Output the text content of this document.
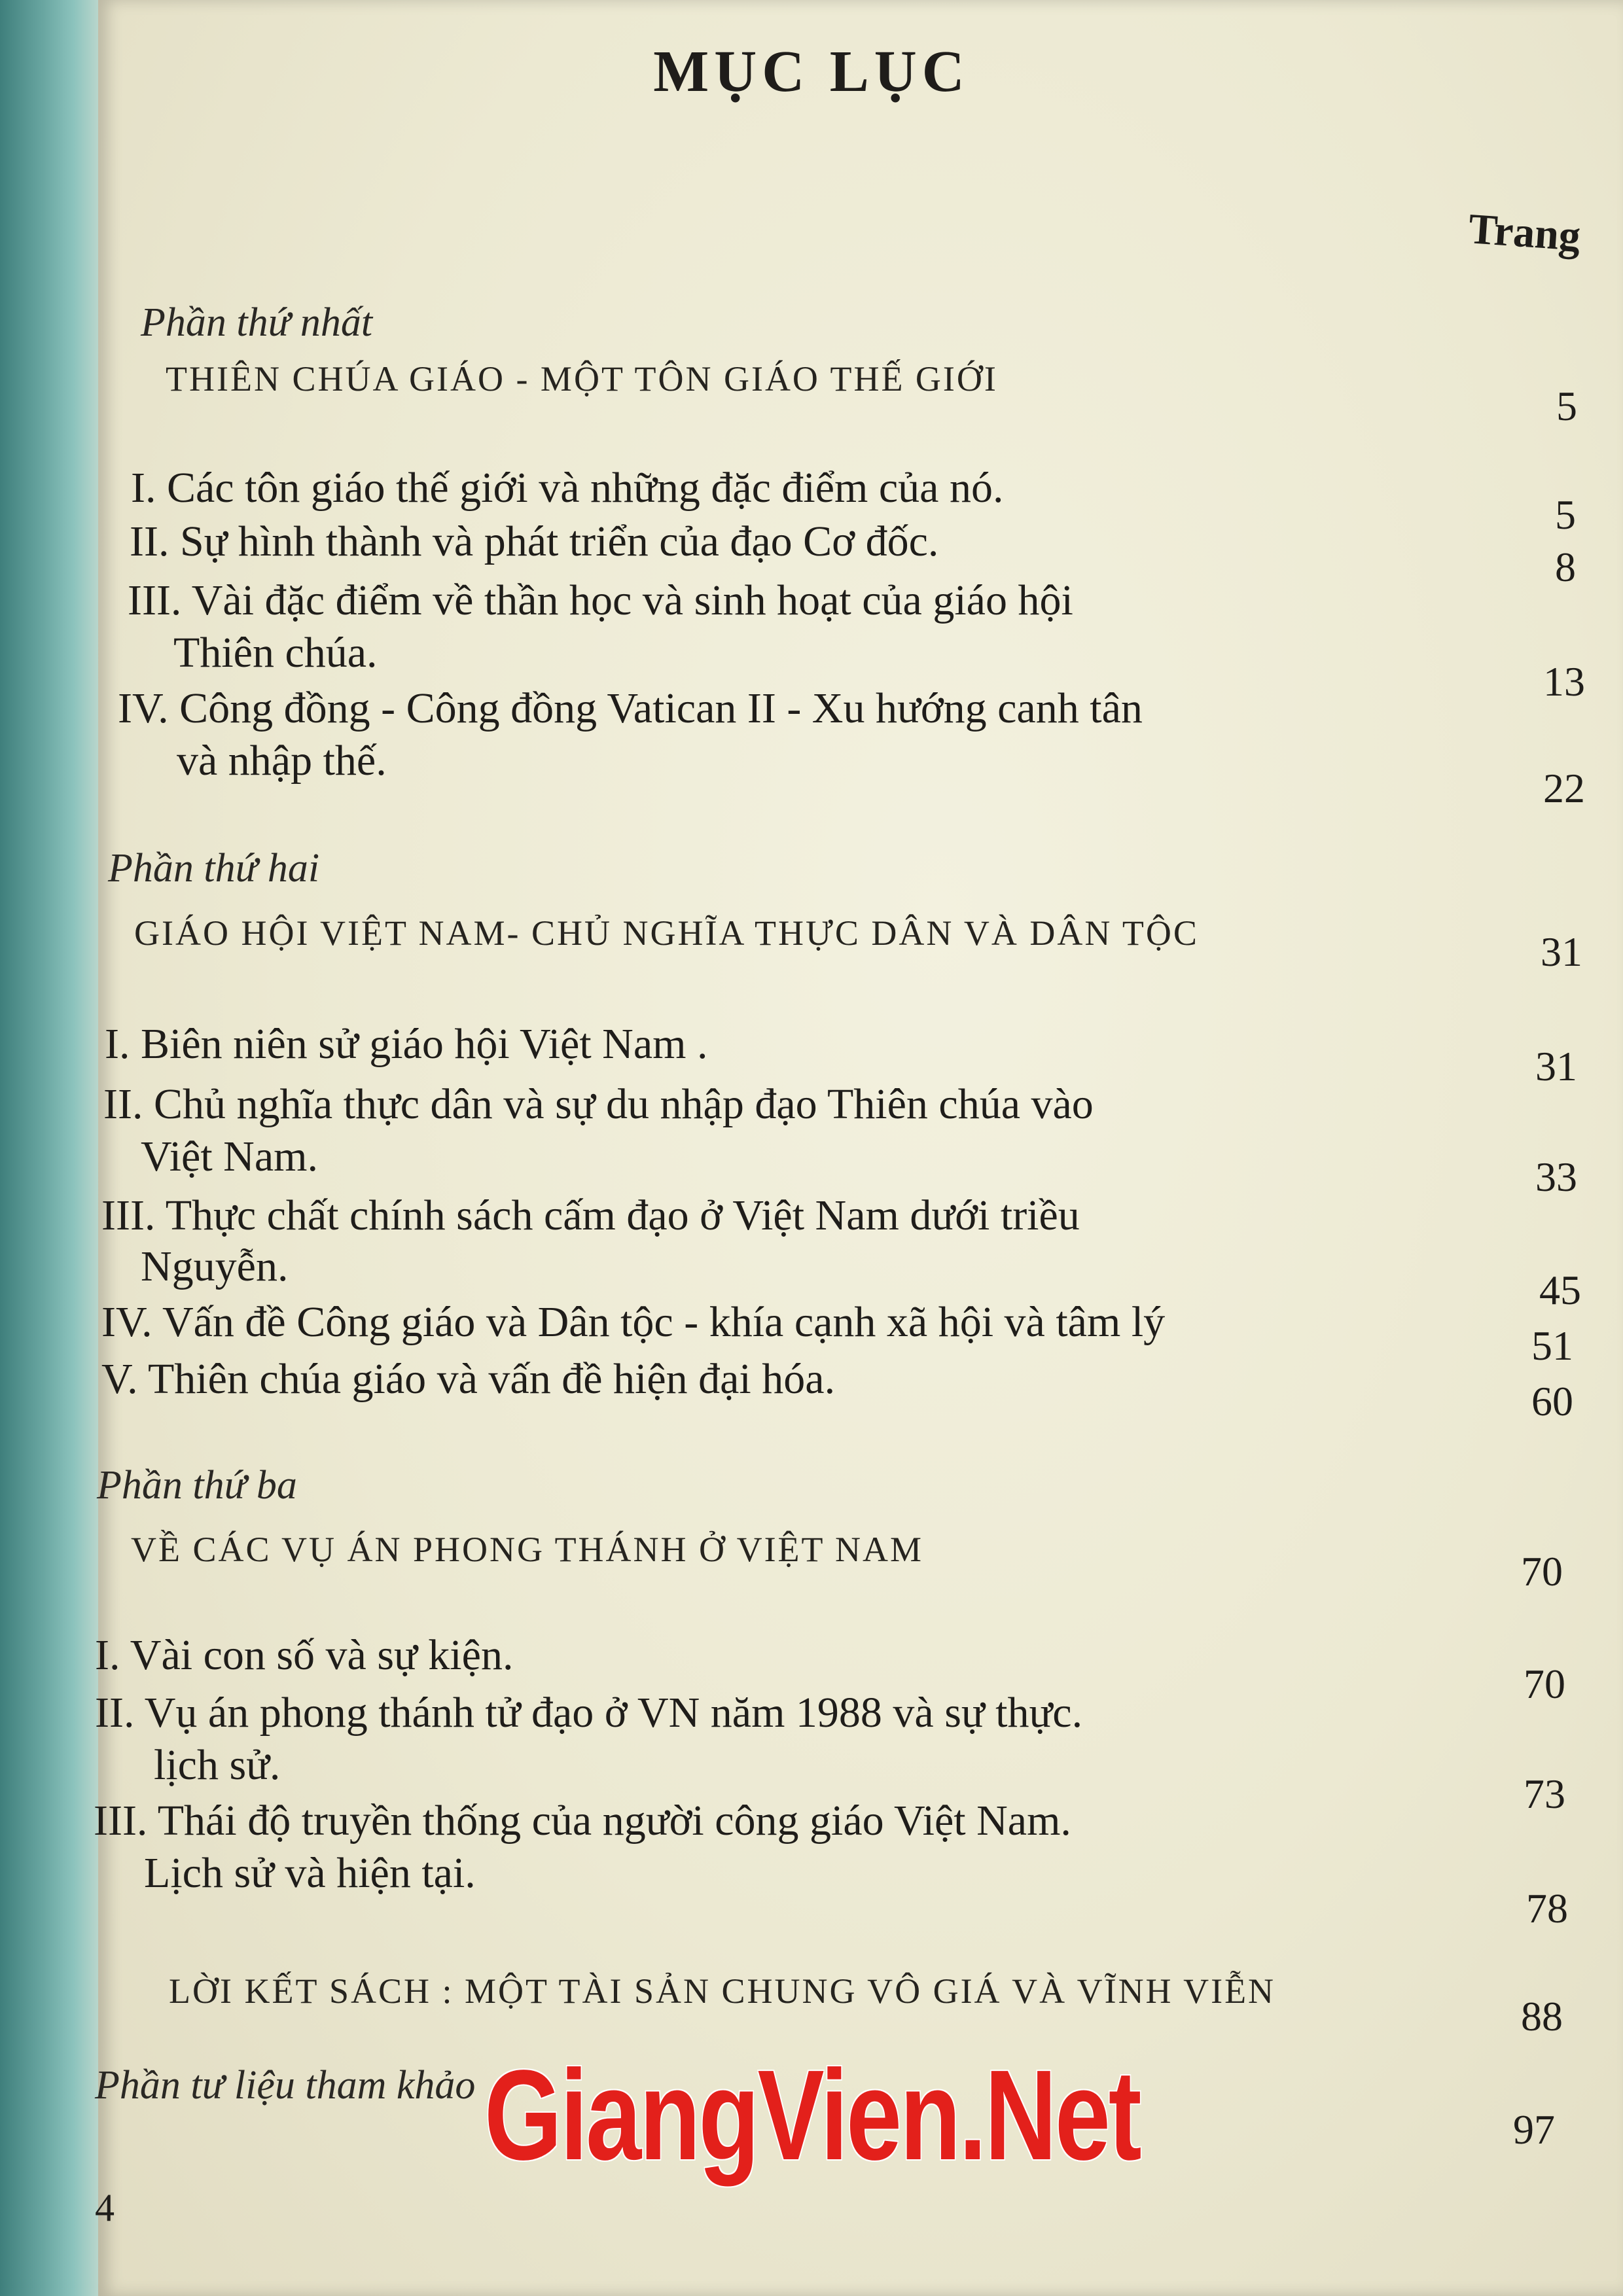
MỤC LỤC
Trang
Phần thứ nhất
THIÊN CHÚA GIÁO - MỘT TÔN GIÁO THẾ GIỚI
5
I. Các tôn giáo thế giới và những đặc điểm của nó.
5
II. Sự hình thành và phát triển của đạo Cơ đốc.
8
III. Vài đặc điểm về thần học và sinh hoạt của giáo hội
Thiên chúa.
13
IV. Công đồng - Công đồng Vatican II - Xu hướng canh tân
và nhập thế.
22
Phần thứ hai
GIÁO HỘI VIỆT NAM- CHỦ NGHĨA THỰC DÂN VÀ DÂN TỘC	31
I. Biên niên sử giáo hội Việt Nam .	31
II. Chủ nghĩa thực dân và sự du nhập đạo Thiên chúa vào
Việt Nam.	33
III. Thực chất chính sách cấm đạo ở Việt Nam dưới triều
Nguyễn.	45
IV. Vấn đề Công giáo và Dân tộc - khía cạnh xã hội và tâm lý	51
V. Thiên chúa giáo và vấn đề hiện đại hóa.	60
Phần thứ ba
VỀ CÁC VỤ ÁN PHONG THÁNH Ở VIỆT NAM	70
I. Vài con số và sự kiện.
70
II. Vụ án phong thánh tử đạo ở VN năm 1988 và sự thực.
lịch sử.
73
III. Thái độ truyền thống của người công giáo Việt Nam.
Lịch sử và hiện tại.
78
LỜI KẾT SÁCH : MỘT TÀI SẢN CHUNG VÔ GIÁ VÀ VĨNH VIỄN
88
Phần tư liệu tham khảo
97
4
GiangVien.Net
